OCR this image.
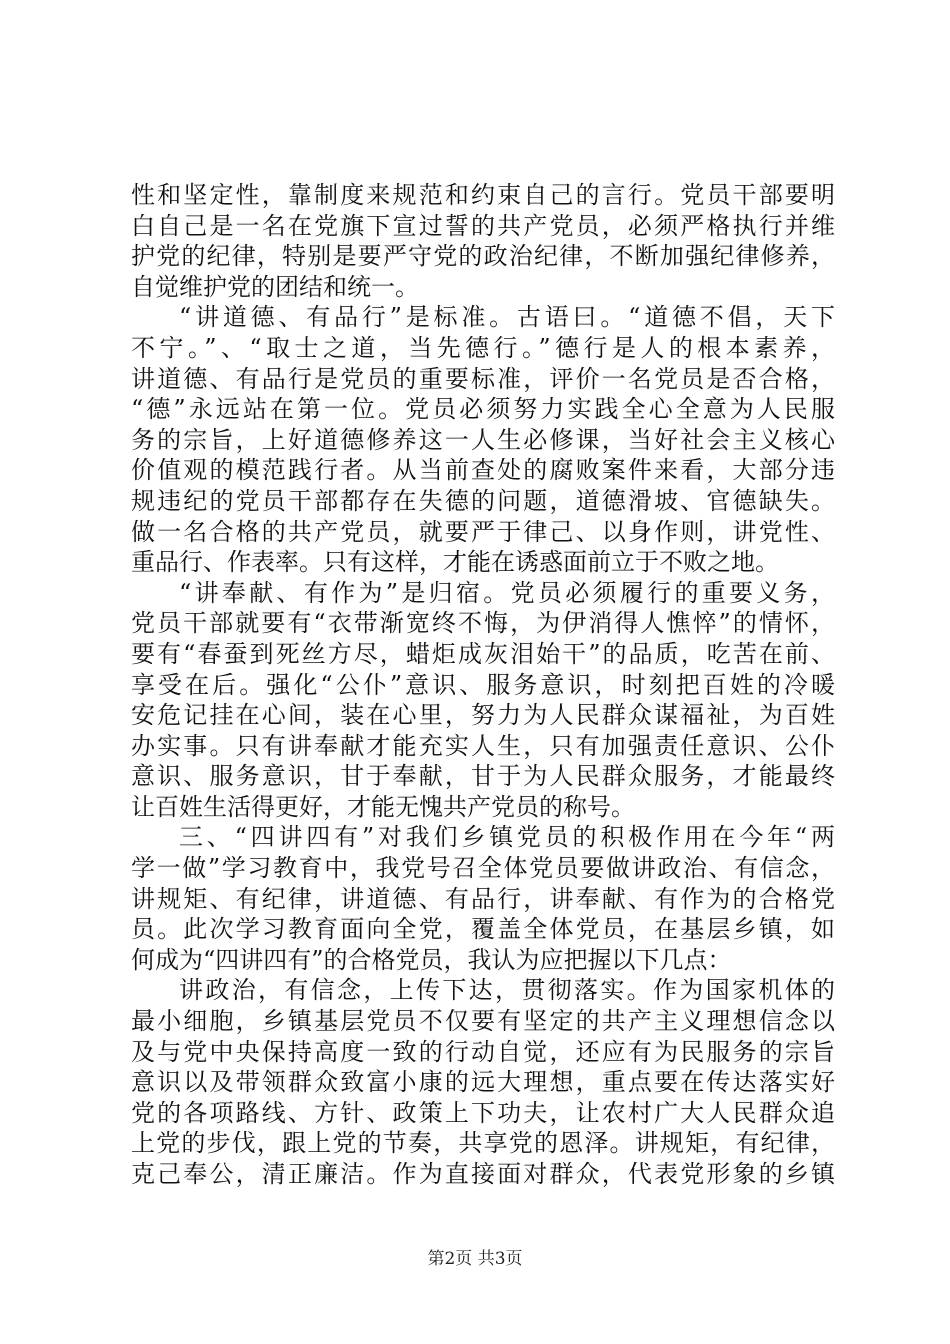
性和坚定性，靠制度来规范和约束自己的言行。党员干部要明
白自己是一名在党旗下宣过誓的共产党员，必须严格执行并维
护党的纪律，特别是要严守党的政治纪律，不断加强纪律修养，
自觉维护党的团结和统一。
“讲道德、有品行”是标准。古语曰。“道德不倡，天下
不宁。”、“取士之道，当先德行。”德行是人的根本素养，
讲道德、有品行是党员的重要标准，评价一名党员是否合格，
“德”永远站在第一位。党员必须努力实践全心全意为人民服
务的宗旨，上好道德修养这一人生必修课，当好社会主义核心
价值观的模范践行者。从当前查处的腐败案件来看，大部分违
规违纪的党员干部都存在失德的问题，道德滑坡、官德缺失。
做一名合格的共产党员，就要严于律己、以身作则，讲党性、
重品行、作表率。只有这样，才能在诱惑面前立于不败之地。
“讲奉献、有作为”是归宿。党员必须履行的重要义务，
党员干部就要有“衣带渐宽终不悔，为伊消得人憔悴”的情怀，
要有“春蚕到死丝方尽，蜡炬成灰泪始干”的品质，吃苦在前、
享受在后。强化“公仆”意识、服务意识，时刻把百姓的冷暖
安危记挂在心间，装在心里，努力为人民群众谋福祉，为百姓
办实事。只有讲奉献才能充实人生，只有加强责任意识、公仆
意识、服务意识，甘于奉献，甘于为人民群众服务，才能最终
让百姓生活得更好，才能无愧共产党员的称号。
三、“四讲四有”对我们乡镇党员的积极作用在今年“两
学一做”学习教育中，我党号召全体党员要做讲政治、有信念，
讲规矩、有纪律，讲道德、有品行，讲奉献、有作为的合格党
员。此次学习教育面向全党，覆盖全体党员，在基层乡镇，如
何成为“四讲四有”的合格党员，我认为应把握以下几点：
讲政治，有信念，上传下达，贯彻落实。作为国家机体的
最小细胞，乡镇基层党员不仅要有坚定的共产主义理想信念以
及与党中央保持高度一致的行动自觉，还应有为民服务的宗旨
意识以及带领群众致富小康的远大理想，重点要在传达落实好
党的各项路线、方针、政策上下功夫，让农村广大人民群众追
上党的步伐，跟上党的节奏，共享党的恩泽。讲规矩，有纪律，
克己奉公，清正廉洁。作为直接面对群众，代表党形象的乡镇
第2页 共3页
